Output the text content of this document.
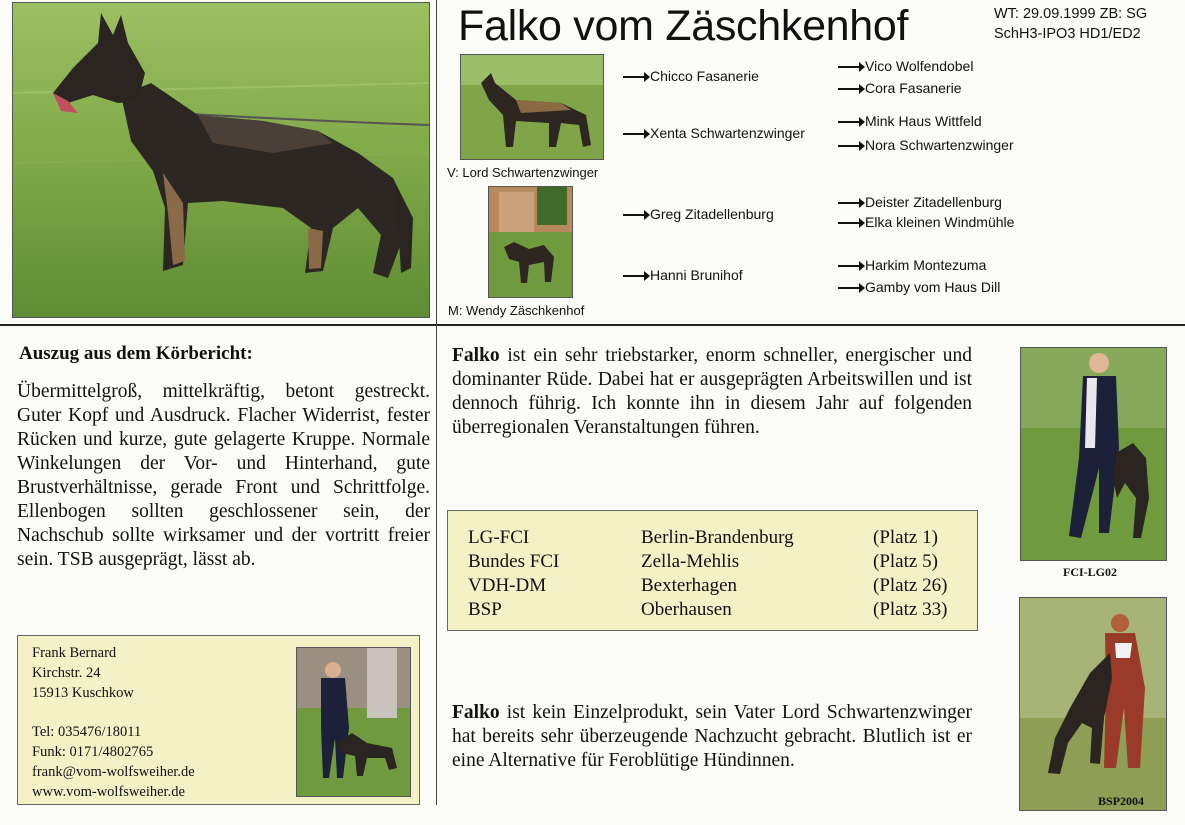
Falko vom Zäschkenhof	WT: 29.09.1999 ZB: SG
SchH3-IPO3 HD1/ED2
V: Lord Schwartenzwinger
M: Wendy Zäschkenhof
Chicco Fasanerie
Xenta Schwartenzwinger
Greg Zitadellenburg
Hanni Brunihof
Vico Wolfendobel
Cora Fasanerie
Mink Haus Wittfeld
Nora Schwartenzwinger
Deister Zitadellenburg
Elka kleinen Windmühle
Harkim Montezuma
Gamby vom Haus Dill
Auszug aus dem Körbericht:
Übermittelgroß, mittelkräftig, betont gestreckt. Guter Kopf und Ausdruck. Flacher Widerrist, fester Rücken und kurze, gute gelagerte Kruppe. Normale Winkelungen der Vor- und Hinterhand, gute Brustverhältnisse, gerade Front und Schrittfolge. Ellenbogen sollten geschlossener sein, der Nachschub sollte wirksamer und der vortritt freier sein. TSB ausgeprägt, lässt ab.
Frank Bernard
Kirchstr. 24
15913 Kuschkow
Tel: 035476/18011
Funk: 0171/4802765
frank@vom-wolfsweiher.de
www.vom-wolfsweiher.de
Falko ist ein sehr triebstarker, enorm schneller, energischer und dominanter Rüde. Dabei hat er ausgeprägten Arbeitswillen und ist dennoch führig. Ich konnte ihn in diesem Jahr auf folgenden überregionalen Veranstaltungen führen.
LG-FCI	Berlin-Brandenburg	(Platz 1)
Bundes FCI	Zella-Mehlis	(Platz 5)
VDH-DM	Bexterhagen	(Platz 26)
BSP	Oberhausen	(Platz 33)
Falko ist kein Einzelprodukt, sein Vater Lord Schwartenzwinger hat bereits sehr überzeugende Nachzucht gebracht. Blutlich ist er eine Alternative für Feroblütige Hündinnen.
FCI-LG02
BSP2004
